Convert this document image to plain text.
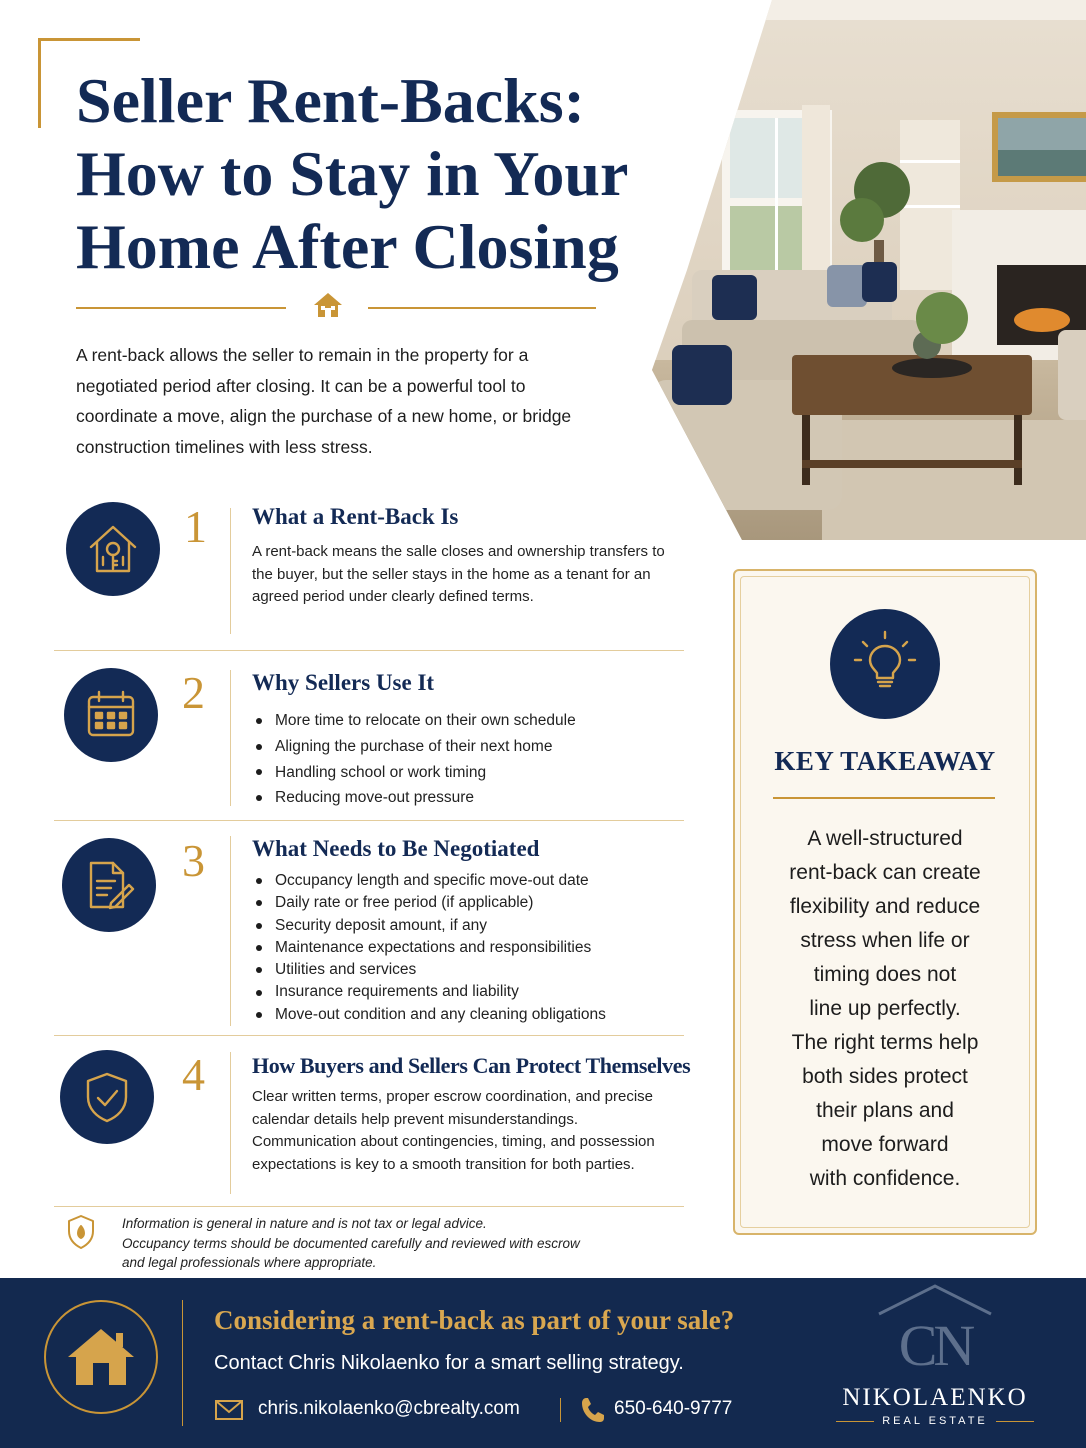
Seller Rent-Backs:
How to Stay in Your
Home After Closing
A rent-back allows the seller to remain in the property for a negotiated period after closing. It can be a powerful tool to coordinate a move, align the purchase of a new home, or bridge construction timelines with less stress.
1 What a Rent-Back Is
A rent-back means the salle closes and ownership transfers to the buyer, but the seller stays in the home as a tenant for an agreed period under clearly defined terms.
2 Why Sellers Use It
More time to relocate on their own schedule
Aligning the purchase of their next home
Handling school or work timing
Reducing move-out pressure
3 What Needs to Be Negotiated
Occupancy length and specific move-out date
Daily rate or free period (if applicable)
Security deposit amount, if any
Maintenance expectations and responsibilities
Utilities and services
Insurance requirements and liability
Move-out condition and any cleaning obligations
4 How Buyers and Sellers Can Protect Themselves
Clear written terms, proper escrow coordination, and precise calendar details help prevent misunderstandings. Communication about contingencies, timing, and possession expectations is key to a smooth transition for both parties.
Information is general in nature and is not tax or legal advice.
Occupancy terms should be documented carefully and reviewed with escrow
and legal professionals where appropriate.
KEY TAKEAWAY
A well-structured
rent-back can create
flexibility and reduce
stress when life or
timing does not
line up perfectly.
The right terms help
both sides protect
their plans and
move forward
with confidence.
Considering a rent-back as part of your sale?
Contact Chris Nikolaenko for a smart selling strategy.
chris.nikolaenko@cbrealty.com	650-640-9777
CN
NIKOLAENKO
REAL ESTATE
